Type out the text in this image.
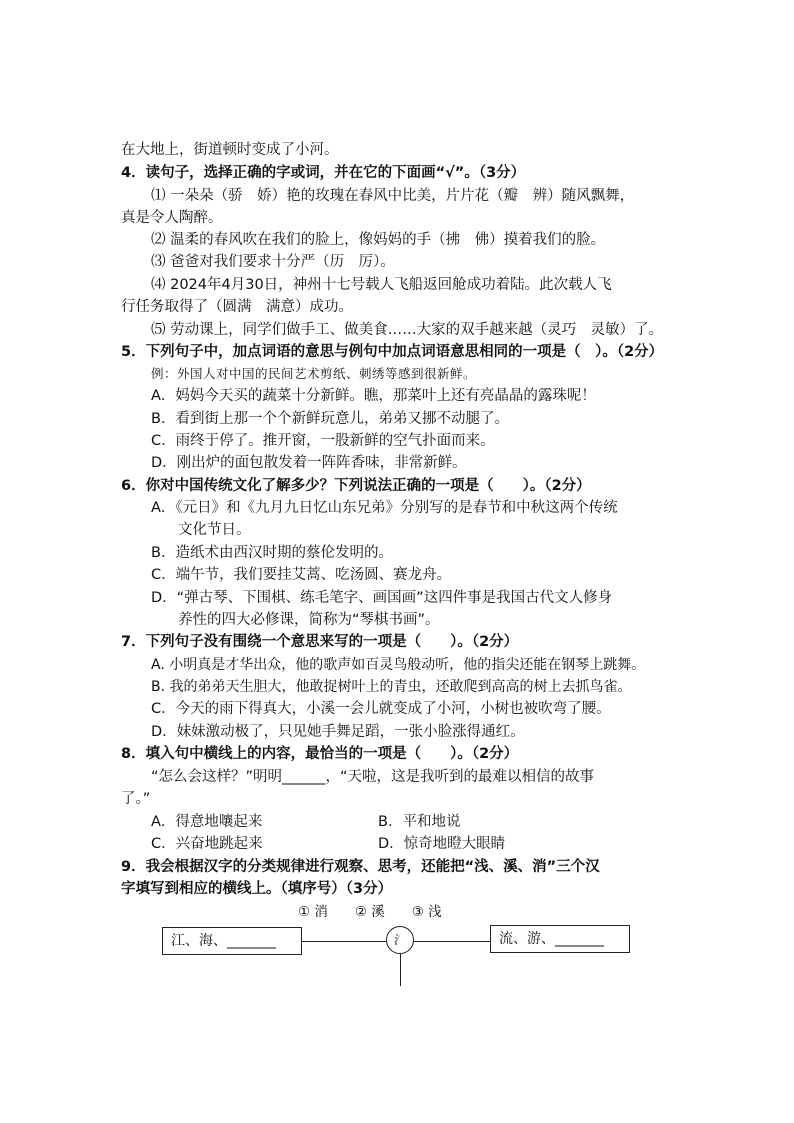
在大地上，街道顿时变成了小河。
4．读句子，选择正确的字或词，并在它的下面画“√”。（3分）
⑴ 一朵朵（骄　娇）艳的玫瑰在春风中比美，片片花（瓣　辨）随风飘舞，
真是令人陶醉。
⑵ 温柔的春风吹在我们的脸上，像妈妈的手（拂　佛）摸着我们的脸。
⑶ 爸爸对我们要求十分严（历　厉）。
⑷ 2024年4月30日，神州十七号载人飞船返回舱成功着陆。此次载人飞
行任务取得了（圆满　满意）成功。
⑸ 劳动课上，同学们做手工、做美食……大家的双手越来越（灵巧　灵敏）了。
5．下列句子中，加点词语的意思与例句中加点词语意思相同的一项是（　）。（2分）
例：外国人对中国的民间艺术剪纸、刺绣等感到很新鲜。
A．妈妈今天买的蔬菜十分新鲜。瞧，那菜叶上还有亮晶晶的露珠呢！
B．看到街上那一个个新鲜玩意儿，弟弟又挪不动腿了。
C．雨终于停了。推开窗，一股新鲜的空气扑面而来。
D．刚出炉的面包散发着一阵阵香味，非常新鲜。
6．你对中国传统文化了解多少？下列说法正确的一项是（　　）。（2分）
A．《元日》和《九月九日忆山东兄弟》分别写的是春节和中秋这两个传统
文化节日。
B．造纸术由西汉时期的蔡伦发明的。
C．端午节，我们要挂艾蒿、吃汤圆、赛龙舟。
D．“弹古琴、下围棋、练毛笔字、画国画”这四件事是我国古代文人修身
养性的四大必修课，简称为“琴棋书画”。
7．下列句子没有围绕一个意思来写的一项是（　　）。（2分）
A. 小明真是才华出众，他的歌声如百灵鸟般动听，他的指尖还能在钢琴上跳舞。
B. 我的弟弟天生胆大，他敢捉树叶上的青虫，还敢爬到高高的树上去抓鸟雀。
C．今天的雨下得真大，小溪一会儿就变成了小河，小树也被吹弯了腰。
D．妹妹激动极了，只见她手舞足蹈，一张小脸涨得通红。
8．填入句中横线上的内容，最恰当的一项是（　　）。（2分）
“怎么会这样？”明明______，“天啦，这是我听到的最难以相信的故事
了。”
A．得意地嚷起来	B．平和地说
C．兴奋地跳起来	D．惊奇地瞪大眼睛
9．我会根据汉字的分类规律进行观察、思考，还能把“浅、溪、消”三个汉
字填写到相应的横线上。（填序号）（3分）
① 消　　② 溪　　③ 浅
江、海、_______	流、游、_______
氵
